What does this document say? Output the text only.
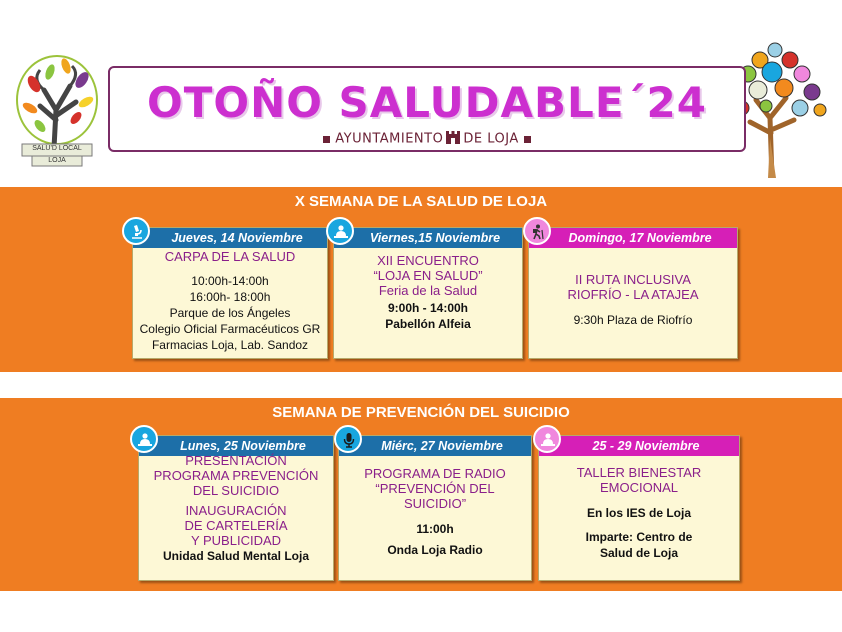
SALU'D LOCAL
LOJA
OTOÑO SALUDABLE´24
AYUNTAMIENTO DE LOJA
X SEMANA DE LA SALUD DE LOJA
Jueves, 14 Noviembre
CARPA DE LA SALUD
10:00h-14:00h
16:00h- 18:00h
Parque de los Ángeles
Colegio Oficial Farmacéuticos GR
Farmacias Loja, Lab. Sandoz
Viernes,15 Noviembre
XII ENCUENTRO
“LOJA EN SALUD”
Feria de la Salud
9:00h - 14:00h
Pabellón Alfeia
Domingo, 17 Noviembre
II RUTA INCLUSIVA
RIOFRÍO - LA ATAJEA
9:30h Plaza de Riofrío
SEMANA DE PREVENCIÓN DEL SUICIDIO
Lunes, 25 Noviembre
PRESENTACIÓN
PROGRAMA PREVENCIÓN
DEL SUICIDIO
INAUGURACIÓN
DE CARTELERÍA
Y PUBLICIDAD
Unidad Salud Mental Loja
Miérc, 27 Noviembre
PROGRAMA DE RADIO
“PREVENCIÓN DEL
SUICIDIO”
11:00h
Onda Loja Radio
25 - 29 Noviembre
TALLER BIENESTAR
EMOCIONAL
En los IES de Loja
Imparte: Centro de
Salud de Loja
